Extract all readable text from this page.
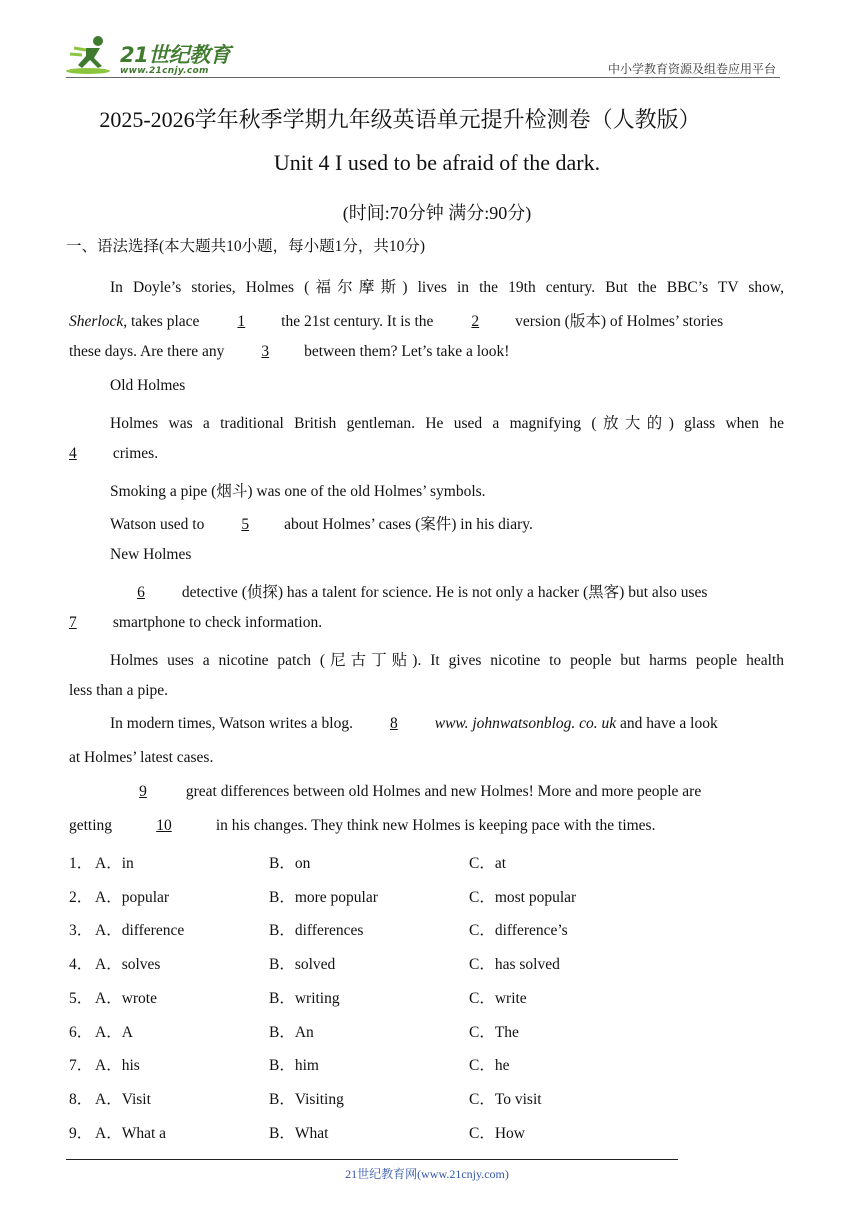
21世纪教育
www.21cnjy.com	中小学教育资源及组卷应用平台
2025-2026学年秋季学期九年级英语单元提升检测卷（人教版）
Unit 4 I used to be afraid of the dark.
(时间:70分钟 满分:90分)
一、语法选择(本大题共10小题，每小题1分，共10分)
In Doyle’s stories, Holmes (福尔摩斯) lives in the 19th century. But the BBC’s TV show,
Sherlock, takes place 1 the 21st century. It is the 2 version (版本) of Holmes’ stories
these days. Are there any 3 between them? Let’s take a look!
Old Holmes
Holmes was a traditional British gentleman. He used a magnifying (放大的) glass when he
4 crimes.
Smoking a pipe (烟斗) was one of the old Holmes’ symbols.
Watson used to 5 about Holmes’ cases (案件) in his diary.
New Holmes
6 detective (侦探) has a talent for science. He is not only a hacker (黑客) but also uses
7 smartphone to check information.
Holmes uses a nicotine patch (尼古丁贴). It gives nicotine to people but harms people health
less than a pipe.
In modern times, Watson writes a blog. 8 www. johnwatsonblog. co. uk and have a look
at Holmes’ latest cases.
9	great differences between old Holmes and new Holmes! More and more people are
getting	10	in his changes. They think new Holmes is keeping pace with the times.
1． A．in	B．on	C．at
2． A．popular	B．more popular	C．most popular
3． A．difference	B．differences	C．difference’s
4． A．solves	B．solved	C．has solved
5． A．wrote	B．writing	C．write
6． A．A	B．An	C．The
7． A．his	B．him	C．he
8． A．Visit	B．Visiting	C．To visit
9． A．What a	B．What	C．How
21世纪教育网(www.21cnjy.com)
